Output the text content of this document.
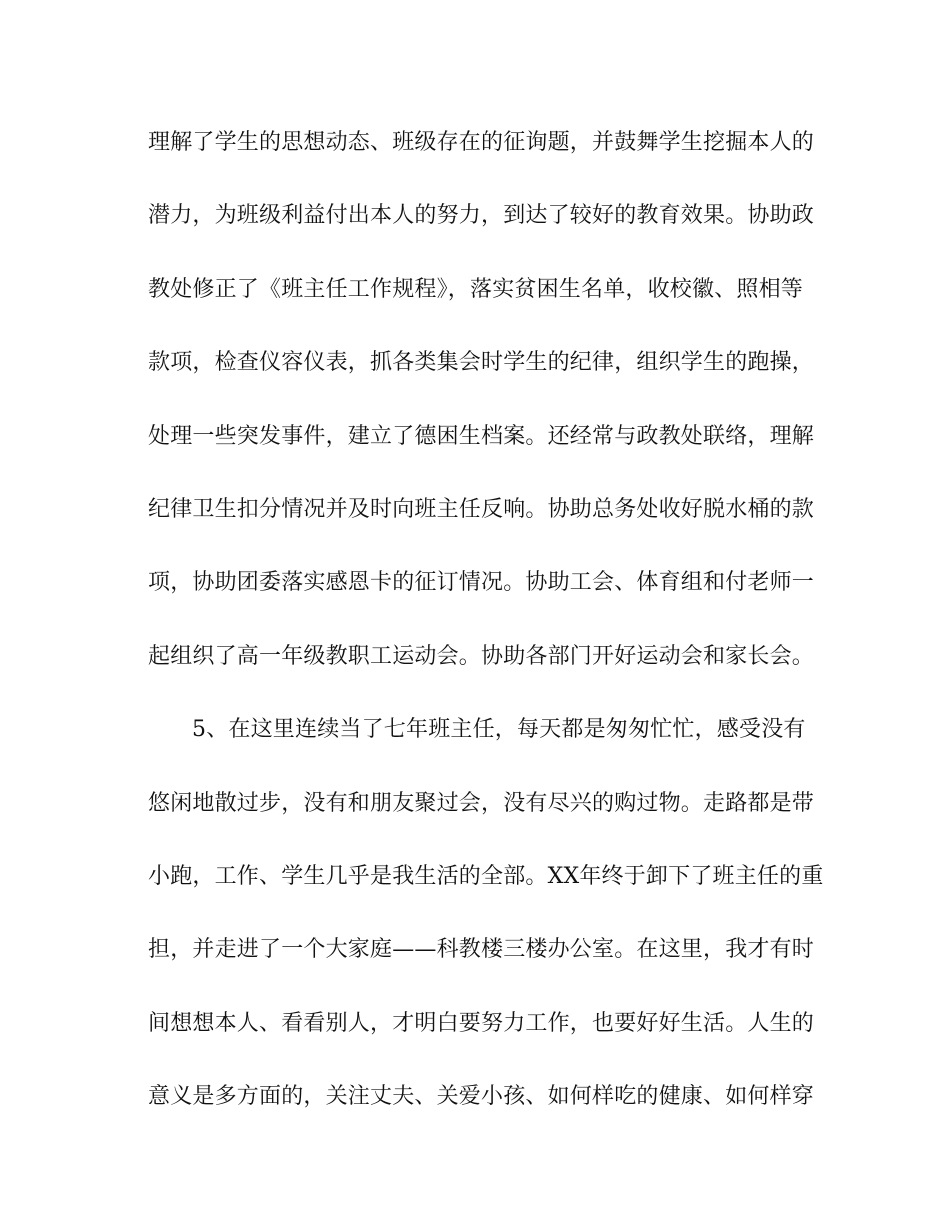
理解了学生的思想动态、班级存在的征询题，并鼓舞学生挖掘本人的
潜力，为班级利益付出本人的努力，到达了较好的教育效果。协助政
教处修正了《班主任工作规程》，落实贫困生名单，收校徽、照相等
款项，检查仪容仪表，抓各类集会时学生的纪律，组织学生的跑操，
处理一些突发事件，建立了德困生档案。还经常与政教处联络，理解
纪律卫生扣分情况并及时向班主任反响。协助总务处收好脱水桶的款
项，协助团委落实感恩卡的征订情况。协助工会、体育组和付老师一
起组织了高一年级教职工运动会。协助各部门开好运动会和家长会。
5、在这里连续当了七年班主任，每天都是匆匆忙忙，感受没有
悠闲地散过步，没有和朋友聚过会，没有尽兴的购过物。走路都是带
小跑，工作、学生几乎是我生活的全部。XX年终于卸下了班主任的重
担，并走进了一个大家庭——科教楼三楼办公室。在这里，我才有时
间想想本人、看看别人，才明白要努力工作，也要好好生活。人生的
意义是多方面的，关注丈夫、关爱小孩、如何样吃的健康、如何样穿
